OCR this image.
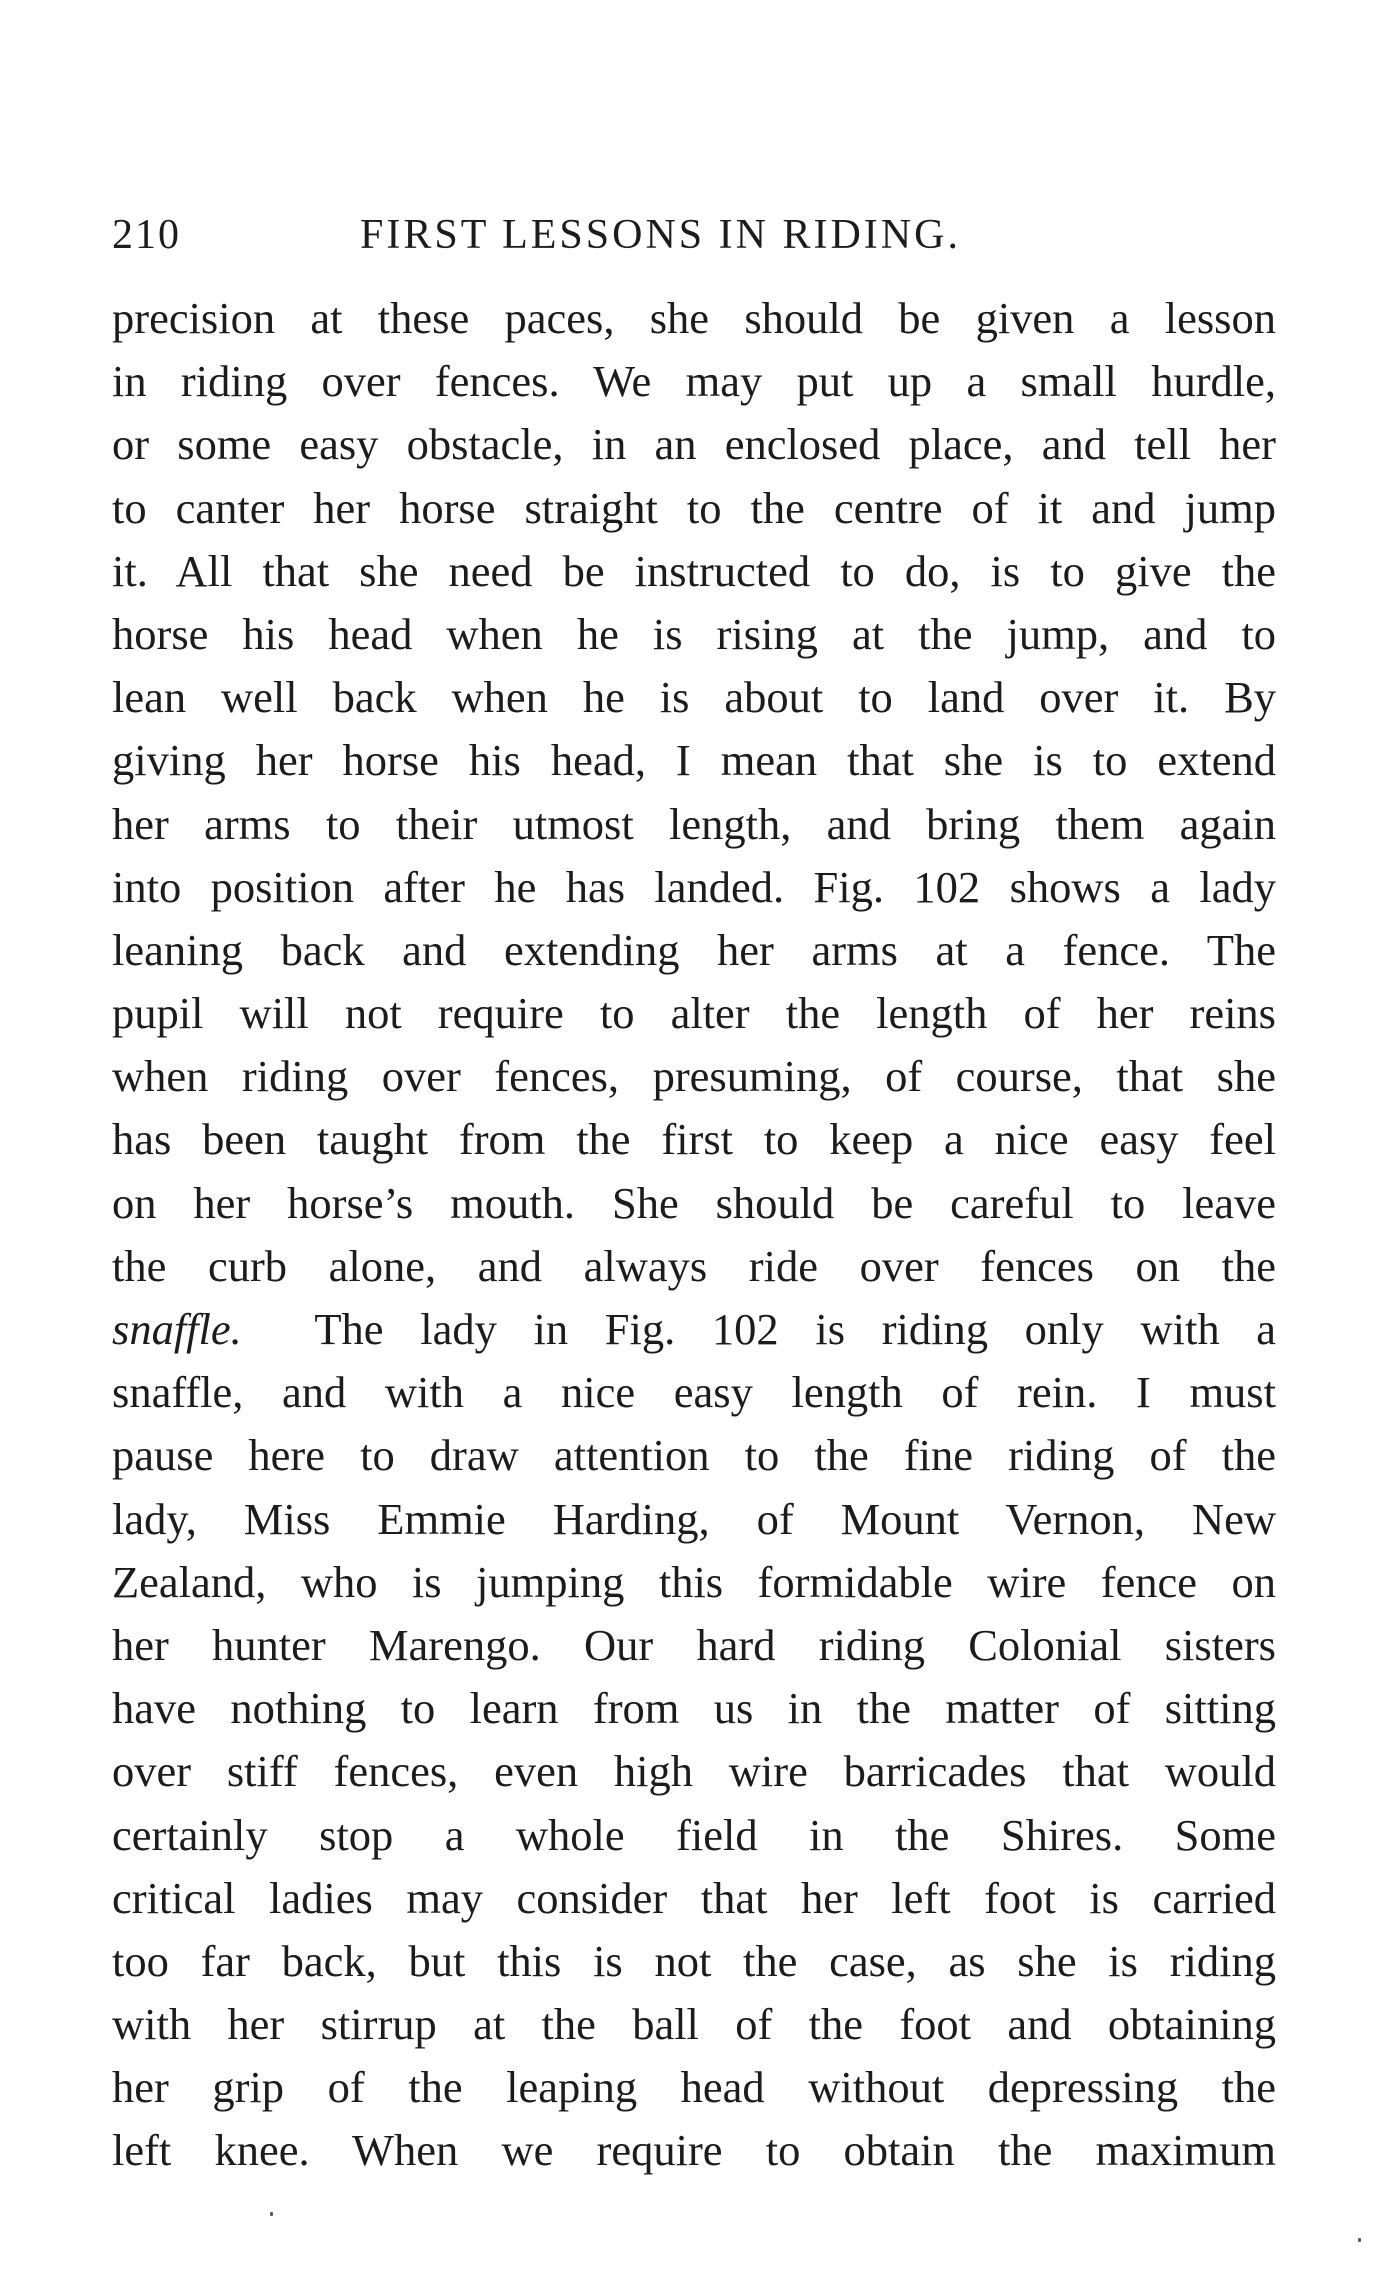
210	FIRST LESSONS IN RIDING.
precision at these paces, she should be given a lesson
in riding over fences. We may put up a small hurdle,
or some easy obstacle, in an enclosed place, and tell her
to canter her horse straight to the centre of it and jump
it. All that she need be instructed to do, is to give the
horse his head when he is rising at the jump, and to
lean well back when he is about to land over it. By
giving her horse his head, I mean that she is to extend
her arms to their utmost length, and bring them again
into position after he has landed. Fig. 102 shows a lady
leaning back and extending her arms at a fence. The
pupil will not require to alter the length of her reins
when riding over fences, presuming, of course, that she
has been taught from the first to keep a nice easy feel
on her horse’s mouth. She should be careful to leave
the curb alone, and always ride over fences on the
snaffle. The lady in Fig. 102 is riding only with a
snaffle, and with a nice easy length of rein. I must
pause here to draw attention to the fine riding of the
lady, Miss Emmie Harding, of Mount Vernon, New
Zealand, who is jumping this formidable wire fence on
her hunter Marengo. Our hard riding Colonial sisters
have nothing to learn from us in the matter of sitting
over stiff fences, even high wire barricades that would
certainly stop a whole field in the Shires. Some
critical ladies may consider that her left foot is carried
too far back, but this is not the case, as she is riding
with her stirrup at the ball of the foot and obtaining
her grip of the leaping head without depressing the
left knee. When we require to obtain the maximum
